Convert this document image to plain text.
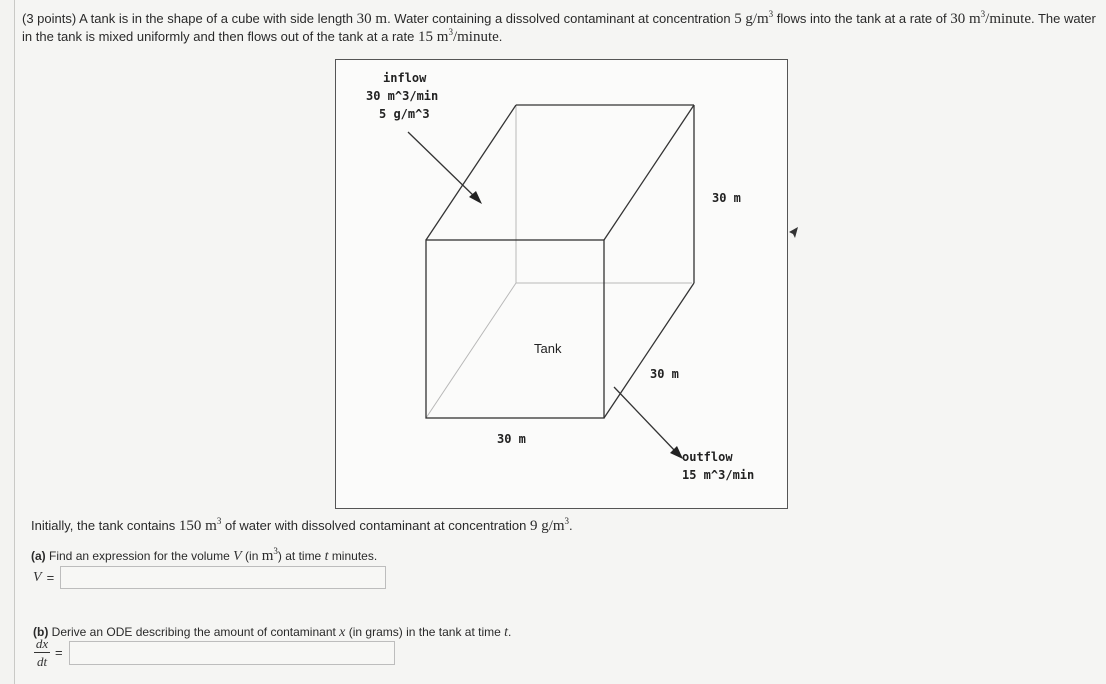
(3 points) A tank is in the shape of a cube with side length 30 m. Water containing a dissolved contaminant at concentration 5 $g/m^3$ flows into the tank at a rate of 30 $m^3$/minute. The water in the tank is mixed uniformly and then flows out of the tank at a rate 15 $m^3$/minute.
inflow
30 m^3/min
5 g/m^3
Tank
30 m
30 m
30 m
outflow
15 m^3/min
Initially, the tank contains 150 $m^3$ of water with dissolved contaminant at concentration 9 $g/m^3$.
(a) Find an expression for the volume V (in $m^3$) at time t minutes.
V =
(b) Derive an ODE describing the amount of contaminant x (in grams) in the tank at time t.
$\frac{dx}{dt}$ =
